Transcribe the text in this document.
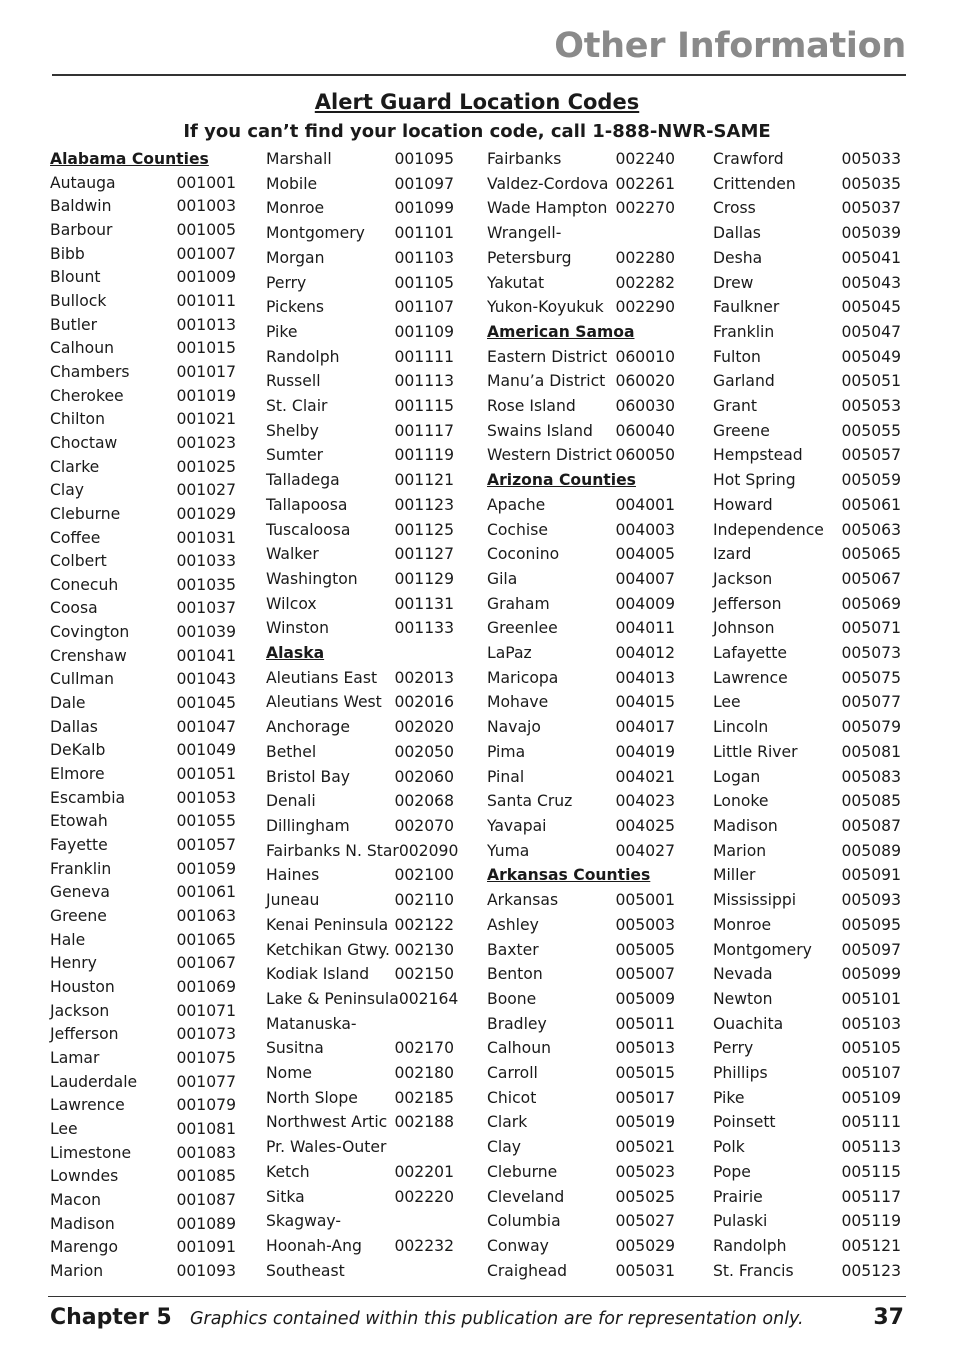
Other Information
Alert Guard Location Codes
If you can’t find your location code, call 1-888-NWR-SAME
Alabama Counties
Autauga	001001
Baldwin	001003
Barbour	001005
Bibb	001007
Blount	001009
Bullock	001011
Butler	001013
Calhoun	001015
Chambers	001017
Cherokee	001019
Chilton	001021
Choctaw	001023
Clarke	001025
Clay	001027
Cleburne	001029
Coffee	001031
Colbert	001033
Conecuh	001035
Coosa	001037
Covington	001039
Crenshaw	001041
Cullman	001043
Dale	001045
Dallas	001047
DeKalb	001049
Elmore	001051
Escambia	001053
Etowah	001055
Fayette	001057
Franklin	001059
Geneva	001061
Greene	001063
Hale	001065
Henry	001067
Houston	001069
Jackson	001071
Jefferson	001073
Lamar	001075
Lauderdale	001077
Lawrence	001079
Lee	001081
Limestone	001083
Lowndes	001085
Macon	001087
Madison	001089
Marengo	001091
Marion	001093
Marshall	001095
Mobile	001097
Monroe	001099
Montgomery 001101
Morgan	001103
Perry	001105
Pickens	001107
Pike	001109
Randolph	001111
Russell	001113
St. Clair	001115
Shelby	001117
Sumter	001119
Talladega	001121
Tallapoosa	001123
Tuscaloosa	001125
Walker	001127
Washington 001129
Wilcox	001131
Winston	001133
Alaska
Aleutians East 002013
Aleutians West 002016
Anchorage	002020
Bethel	002050
Bristol Bay	002060
Denali	002068
Dillingham	002070
Fairbanks N. Star 002090
Haines	002100
Juneau	002110
Kenai Peninsula 002122
Ketchikan Gtwy. 002130
Kodiak Island 002150
Lake & Peninsula 002164
Matanuska-
Susitna	002170
Nome	002180
North Slope 002185
Northwest Artic 002188
Pr. Wales-Outer
Ketch	002201
Sitka	002220
Skagway-
Hoonah-Ang 002232
Southeast
Fairbanks	002240
Valdez-Cordova 002261
Wade Hampton 002270
Wrangell-
Petersburg	002280
Yakutat	002282
Yukon-Koyukuk 002290
American Samoa
Eastern District 060010
Manu’a District 060020
Rose Island	060030
Swains Island 060040
Western District 060050
Arizona Counties
Apache	004001
Cochise	004003
Coconino	004005
Gila	004007
Graham	004009
Greenlee	004011
LaPaz	004012
Maricopa	004013
Mohave	004015
Navajo	004017
Pima	004019
Pinal	004021
Santa Cruz	004023
Yavapai	004025
Yuma	004027
Arkansas Counties
Arkansas	005001
Ashley	005003
Baxter	005005
Benton	005007
Boone	005009
Bradley	005011
Calhoun	005013
Carroll	005015
Chicot	005017
Clark	005019
Clay	005021
Cleburne	005023
Cleveland	005025
Columbia	005027
Conway	005029
Craighead	005031
Crawford	005033
Crittenden	005035
Cross	005037
Dallas	005039
Desha	005041
Drew	005043
Faulkner	005045
Franklin	005047
Fulton	005049
Garland	005051
Grant	005053
Greene	005055
Hempstead 005057
Hot Spring	005059
Howard	005061
Independence 005063
Izard	005065
Jackson	005067
Jefferson	005069
Johnson	005071
Lafayette	005073
Lawrence	005075
Lee	005077
Lincoln	005079
Little River	005081
Logan	005083
Lonoke	005085
Madison	005087
Marion	005089
Miller	005091
Mississippi	005093
Monroe	005095
Montgomery 005097
Nevada	005099
Newton	005101
Ouachita	005103
Perry	005105
Phillips	005107
Pike	005109
Poinsett	005111
Polk	005113
Pope	005115
Prairie	005117
Pulaski	005119
Randolph	005121
St. Francis	005123
Chapter 5 Graphics contained within this publication are for representation only.	37
